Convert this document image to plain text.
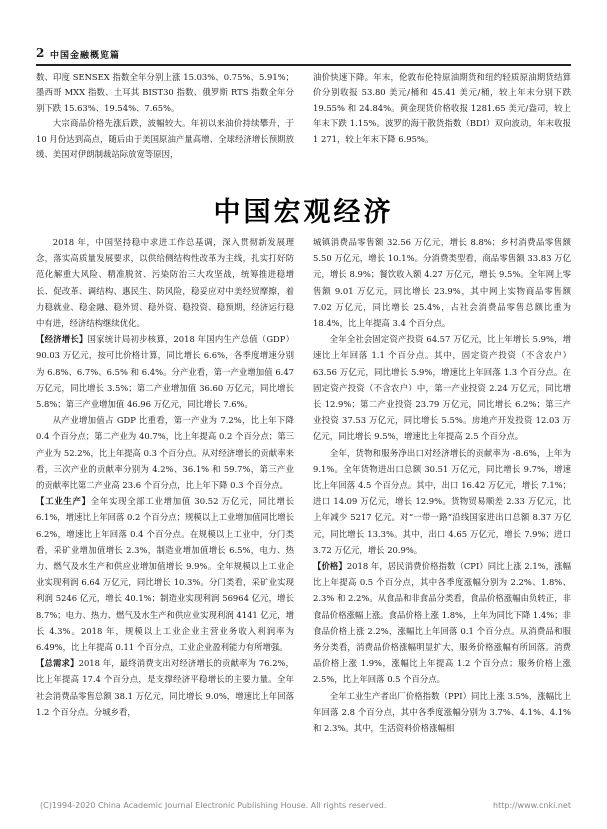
2 中国金融概览篇

数、印度 SENSEX 指数全年分别上涨 15.03%、0.75%、5.91%；墨西哥 MXX 指数、土耳其 BIST30 指数、俄罗斯 RTS 指数全年分别下跌 15.63%、19.54%、7.65%。

大宗商品价格先涨后跌，波幅较大。年初以来油价持续攀升，于 10 月份达到高点，随后由于美国原油产量高增、全球经济增长预期放缓、美国对伊朗制裁站际放宽等原因，

油价快速下降。年末，伦敦布伦特原油期货和纽约轻质原油期货结算价分别收报 53.80 美元/桶和 45.41 美元/桶，较上年末分别下跌 19.55% 和 24.84%。黄金现货价格收报 1281.65 美元/盎司，较上年末下跌 1.15%。波罗的海干散货指数（BDI）双向波动，年末收报 1 271，较上年末下降 6.95%。

中国宏观经济

2018 年，中国坚持稳中求进工作总基调，深入贯彻新发展理念，落实高质量发展要求，以供给侧结构性改革为主线，扎实打好防范化解重大风险、精准脱贫、污染防治三大攻坚战，统筹推进稳增长、促改革、调结构、惠民生、防风险，稳妥应对中美经贸摩擦，着力稳就业、稳金融、稳外贸、稳外资、稳投资、稳预期，经济运行稳中有进，经济结构继续优化。

【经济增长】国家统计局初步核算，2018 年国内生产总值（GDP）90.03 万亿元，按可比价格计算，同比增长 6.6%，各季度增速分别为 6.8%、6.7%、6.5% 和 6.4%。分产业看，第一产业增加值 6.47 万亿元，同比增长 3.5%；第二产业增加值 36.60 万亿元，同比增长 5.8%；第三产业增加值 46.96 万亿元，同比增长 7.6%。

从产业增加值占 GDP 比重看，第一产业为 7.2%，比上年下降 0.4 个百分点；第二产业为 40.7%，比上年提高 0.2 个百分点；第三产业为 52.2%，比上年提高 0.3 个百分点。从对经济增长的贡献率来看，三次产业的贡献率分别为 4.2%、36.1% 和 59.7%，第三产业的贡献率比第二产业高 23.6 个百分点，比上年下降 0.3 个百分点。

【工业生产】全年实现全部工业增加值 30.52 万亿元，同比增长 6.1%，增速比上年回落 0.2 个百分点；规模以上工业增加值同比增长 6.2%，增速比上年回落 0.4 个百分点。在规模以上工业中，分门类看，采矿业增加值增长 2.3%，制造业增加值增长 6.5%，电力、热力、燃气及水生产和供应业增加值增长 9.9%。全年规模以上工业企业实现利润 6.64 万亿元，同比增长 10.3%。分门类看，采矿业实现利润 5246 亿元，增长 40.1%；制造业实现利润 56964 亿元，增长 8.7%；电力、热力、燃气及水生产和供应业实现利润 4141 亿元，增长 4.3%。2018 年，规模以上工业企业主营业务收入利润率为 6.49%，比上年提高 0.11 个百分点，工业企业盈利能力有所增强。

【总需求】2018 年，最终消费支出对经济增长的贡献率为 76.2%，比上年提高 17.4 个百分点，是支撑经济平稳增长的主要力量。全年社会消费品零售总额 38.1 万亿元，同比增长 9.0%，增速比上年回落 1.2 个百分点。分城乡看，

城镇消费品零售额 32.56 万亿元，增长 8.8%；乡村消费品零售额 5.50 万亿元，增长 10.1%。分消费类型看，商品零售额 33.83 万亿元，增长 8.9%；餐饮收入额 4.27 万亿元，增长 9.5%。全年网上零售额 9.01 万亿元，同比增长 23.9%，其中网上实物商品零售额 7.02 万亿元，同比增长 25.4%，占社会消费品零售总额比重为 18.4%，比上年提高 3.4 个百分点。

全年全社会固定资产投资 64.57 万亿元，比上年增长 5.9%，增速比上年回落 1.1 个百分点。其中，固定资产投资（不含农户）63.56 万亿元，同比增长 5.9%，增速比上年回落 1.3 个百分点。在固定资产投资（不含农户）中，第一产业投资 2.24 万亿元，同比增长 12.9%；第二产业投资 23.79 万亿元，同比增长 6.2%；第三产业投资 37.53 万亿元，同比增长 5.5%。房地产开发投资 12.03 万亿元，同比增长 9.5%，增速比上年提高 2.5 个百分点。

全年，货物和服务净出口对经济增长的贡献率为 -8.6%，上年为 9.1%。全年货物进出口总额 30.51 万亿元，同比增长 9.7%，增速比上年回落 4.5 个百分点。其中，出口 16.42 万亿元，增长 7.1%；进口 14.09 万亿元，增长 12.9%。货物贸易顺差 2.33 万亿元，比上年减少 5217 亿元。对“一带一路”沿线国家进出口总额 8.37 万亿元，同比增长 13.3%。其中，出口 4.65 万亿元，增长 7.9%；进口 3.72 万亿元，增长 20.9%。

【价格】2018 年，居民消费价格指数（CPI）同比上涨 2.1%，涨幅比上年提高 0.5 个百分点，其中各季度涨幅分别为 2.2%、1.8%、2.3% 和 2.2%。从食品和非食品分类看，食品价格涨幅由负转正，非食品价格涨幅上涨。食品价格上涨 1.8%，上年为同比下降 1.4%；非食品价格上涨 2.2%，涨幅比上年回落 0.1 个百分点。从消费品和服务分类看，消费品价格涨幅明显扩大，服务价格涨幅有所回落。消费品价格上涨 1.9%，涨幅比上年提高 1.2 个百分点；服务价格上涨 2.5%，比上年回落 0.5 个百分点。

全年工业生产者出厂价格指数（PPI）同比上涨 3.5%，涨幅比上年回落 2.8 个百分点，其中各季度涨幅分别为 3.7%、4.1%、4.1% 和 2.3%。其中，生活资料价格涨幅相

(C)1994-2020 China Academic Journal Electronic Publishing House. All rights reserved.	http://www.cnki.net
